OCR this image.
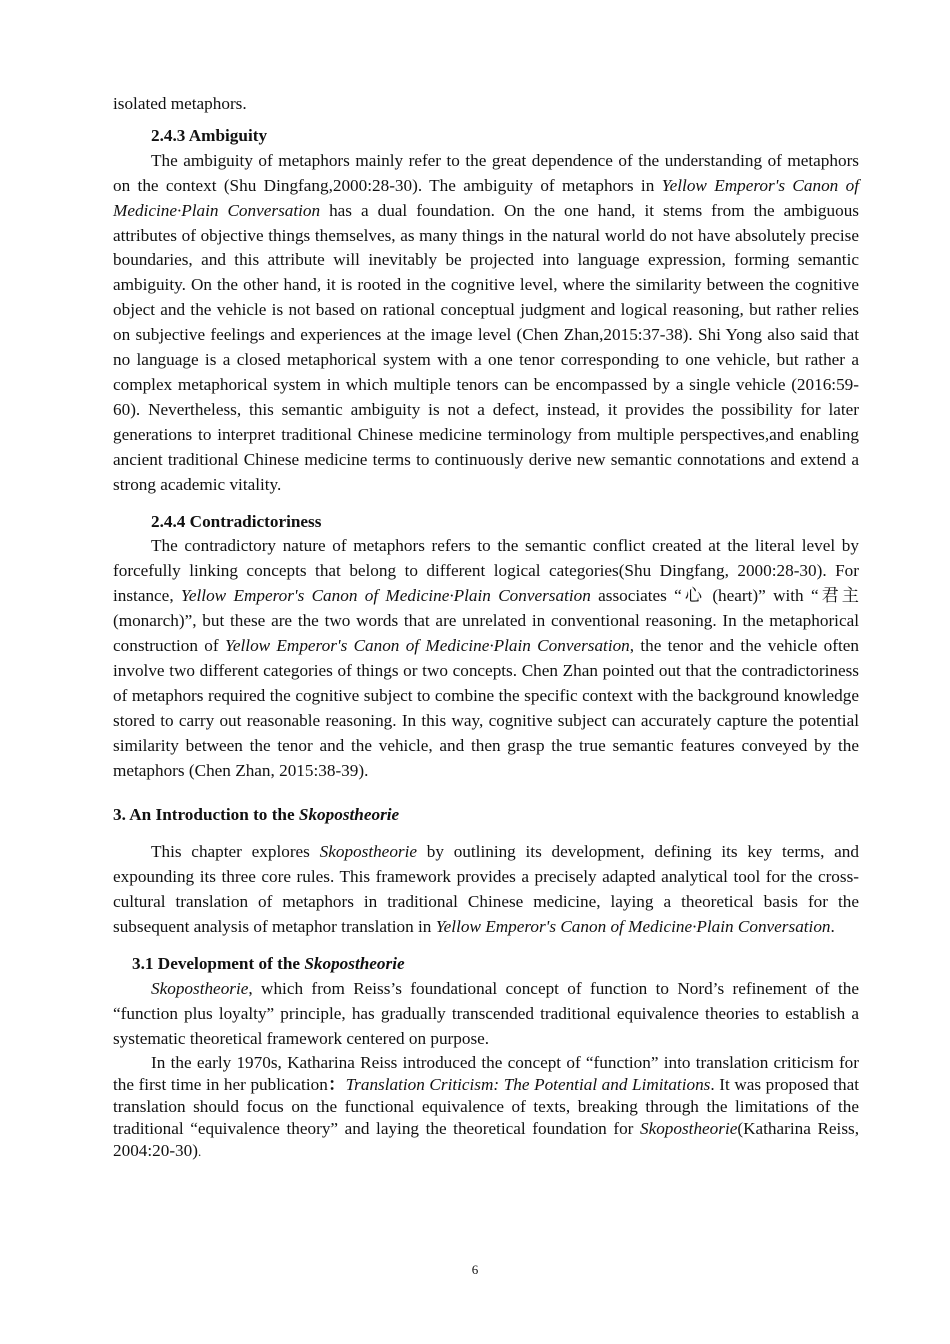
isolated metaphors.

2.4.3 Ambiguity

The ambiguity of metaphors mainly refer to the great dependence of the understanding of metaphors on the context (Shu Dingfang,2000:28-30). The ambiguity of metaphors in Yellow Emperor's Canon of Medicine·Plain Conversation has a dual foundation. On the one hand, it stems from the ambiguous attributes of objective things themselves, as many things in the natural world do not have absolutely precise boundaries, and this attribute will inevitably be projected into language expression, forming semantic ambiguity. On the other hand, it is rooted in the cognitive level, where the similarity between the cognitive object and the vehicle is not based on rational conceptual judgment and logical reasoning, but rather relies on subjective feelings and experiences at the image level (Chen Zhan,2015:37-38). Shi Yong also said that no language is a closed metaphorical system with a one tenor corresponding to one vehicle, but rather a complex metaphorical system in which multiple tenors can be encompassed by a single vehicle (2016:59-60). Nevertheless, this semantic ambiguity is not a defect, instead, it provides the possibility for later generations to interpret traditional Chinese medicine terminology from multiple perspectives,and enabling ancient traditional Chinese medicine terms to continuously derive new semantic connotations and extend a strong academic vitality.

2.4.4 Contradictoriness

The contradictory nature of metaphors refers to the semantic conflict created at the literal level by forcefully linking concepts that belong to different logical categories(Shu Dingfang, 2000:28-30). For instance, Yellow Emperor's Canon of Medicine·Plain Conversation associates “心 (heart)” with “君主 (monarch)”, but these are the two words that are unrelated in conventional reasoning. In the metaphorical construction of Yellow Emperor's Canon of Medicine·Plain Conversation, the tenor and the vehicle often involve two different categories of things or two concepts. Chen Zhan pointed out that the contradictoriness of metaphors required the cognitive subject to combine the specific context with the background knowledge stored to carry out reasonable reasoning. In this way, cognitive subject can accurately capture the potential similarity between the tenor and the vehicle, and then grasp the true semantic features conveyed by the metaphors (Chen Zhan, 2015:38-39).

3. An Introduction to the Skopostheorie

This chapter explores Skopostheorie by outlining its development, defining its key terms, and expounding its three core rules. This framework provides a precisely adapted analytical tool for the cross-cultural translation of metaphors in traditional Chinese medicine, laying a theoretical basis for the subsequent analysis of metaphor translation in Yellow Emperor's Canon of Medicine·Plain Conversation.

3.1 Development of the Skopostheorie

Skopostheorie, which from Reiss’s foundational concept of function to Nord’s refinement of the “function plus loyalty” principle, has gradually transcended traditional equivalence theories to establish a systematic theoretical framework centered on purpose.

In the early 1970s, Katharina Reiss introduced the concept of “function” into translation criticism for the first time in her publication：Translation Criticism: The Potential and Limitations. It was proposed that translation should focus on the functional equivalence of texts, breaking through the limitations of the traditional “equivalence theory” and laying the theoretical foundation for Skopostheorie(Katharina Reiss, 2004:20-30).

6
